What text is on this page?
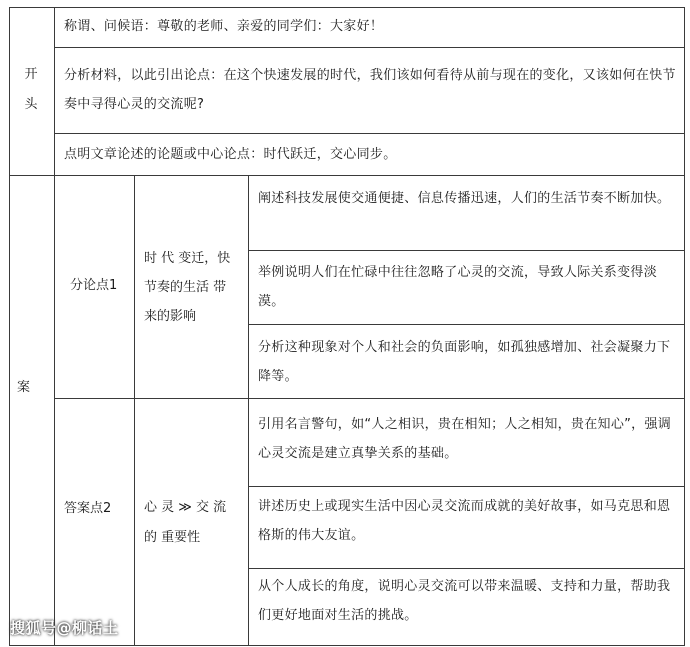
开
头
称谓、问候语：尊敬的老师、亲爱的同学们：大家好！
分析材料，以此引出论点：在这个快速发展的时代，我们该如何看待从前与现在的变化，又该如何在快节奏中寻得心灵的交流呢?
点明文章论述的论题或中心论点：时代跃迁，交心同步。
案
分论点1
时 代 变迁，快节奏的生活 带 来的影响
阐述科技发展使交通便捷、信息传播迅速，人们的生活节奏不断加快。
举例说明人们在忙碌中往往忽略了心灵的交流，导致人际关系变得淡漠。
分析这种现象对个人和社会的负面影响，如孤独感增加、社会凝聚力下降等。
答案点2	心 灵 ≫ 交 流 的 重要性
引用名言警句，如“人之相识，贵在相知；人之相知，贵在知心”，强调心灵交流是建立真挚关系的基础。
讲述历史上或现实生活中因心灵交流而成就的美好故事，如马克思和恩格斯的伟大友谊。
从个人成长的角度，说明心灵交流可以带来温暖、支持和力量，帮助我们更好地面对生活的挑战。
搜狐号@柳话土
